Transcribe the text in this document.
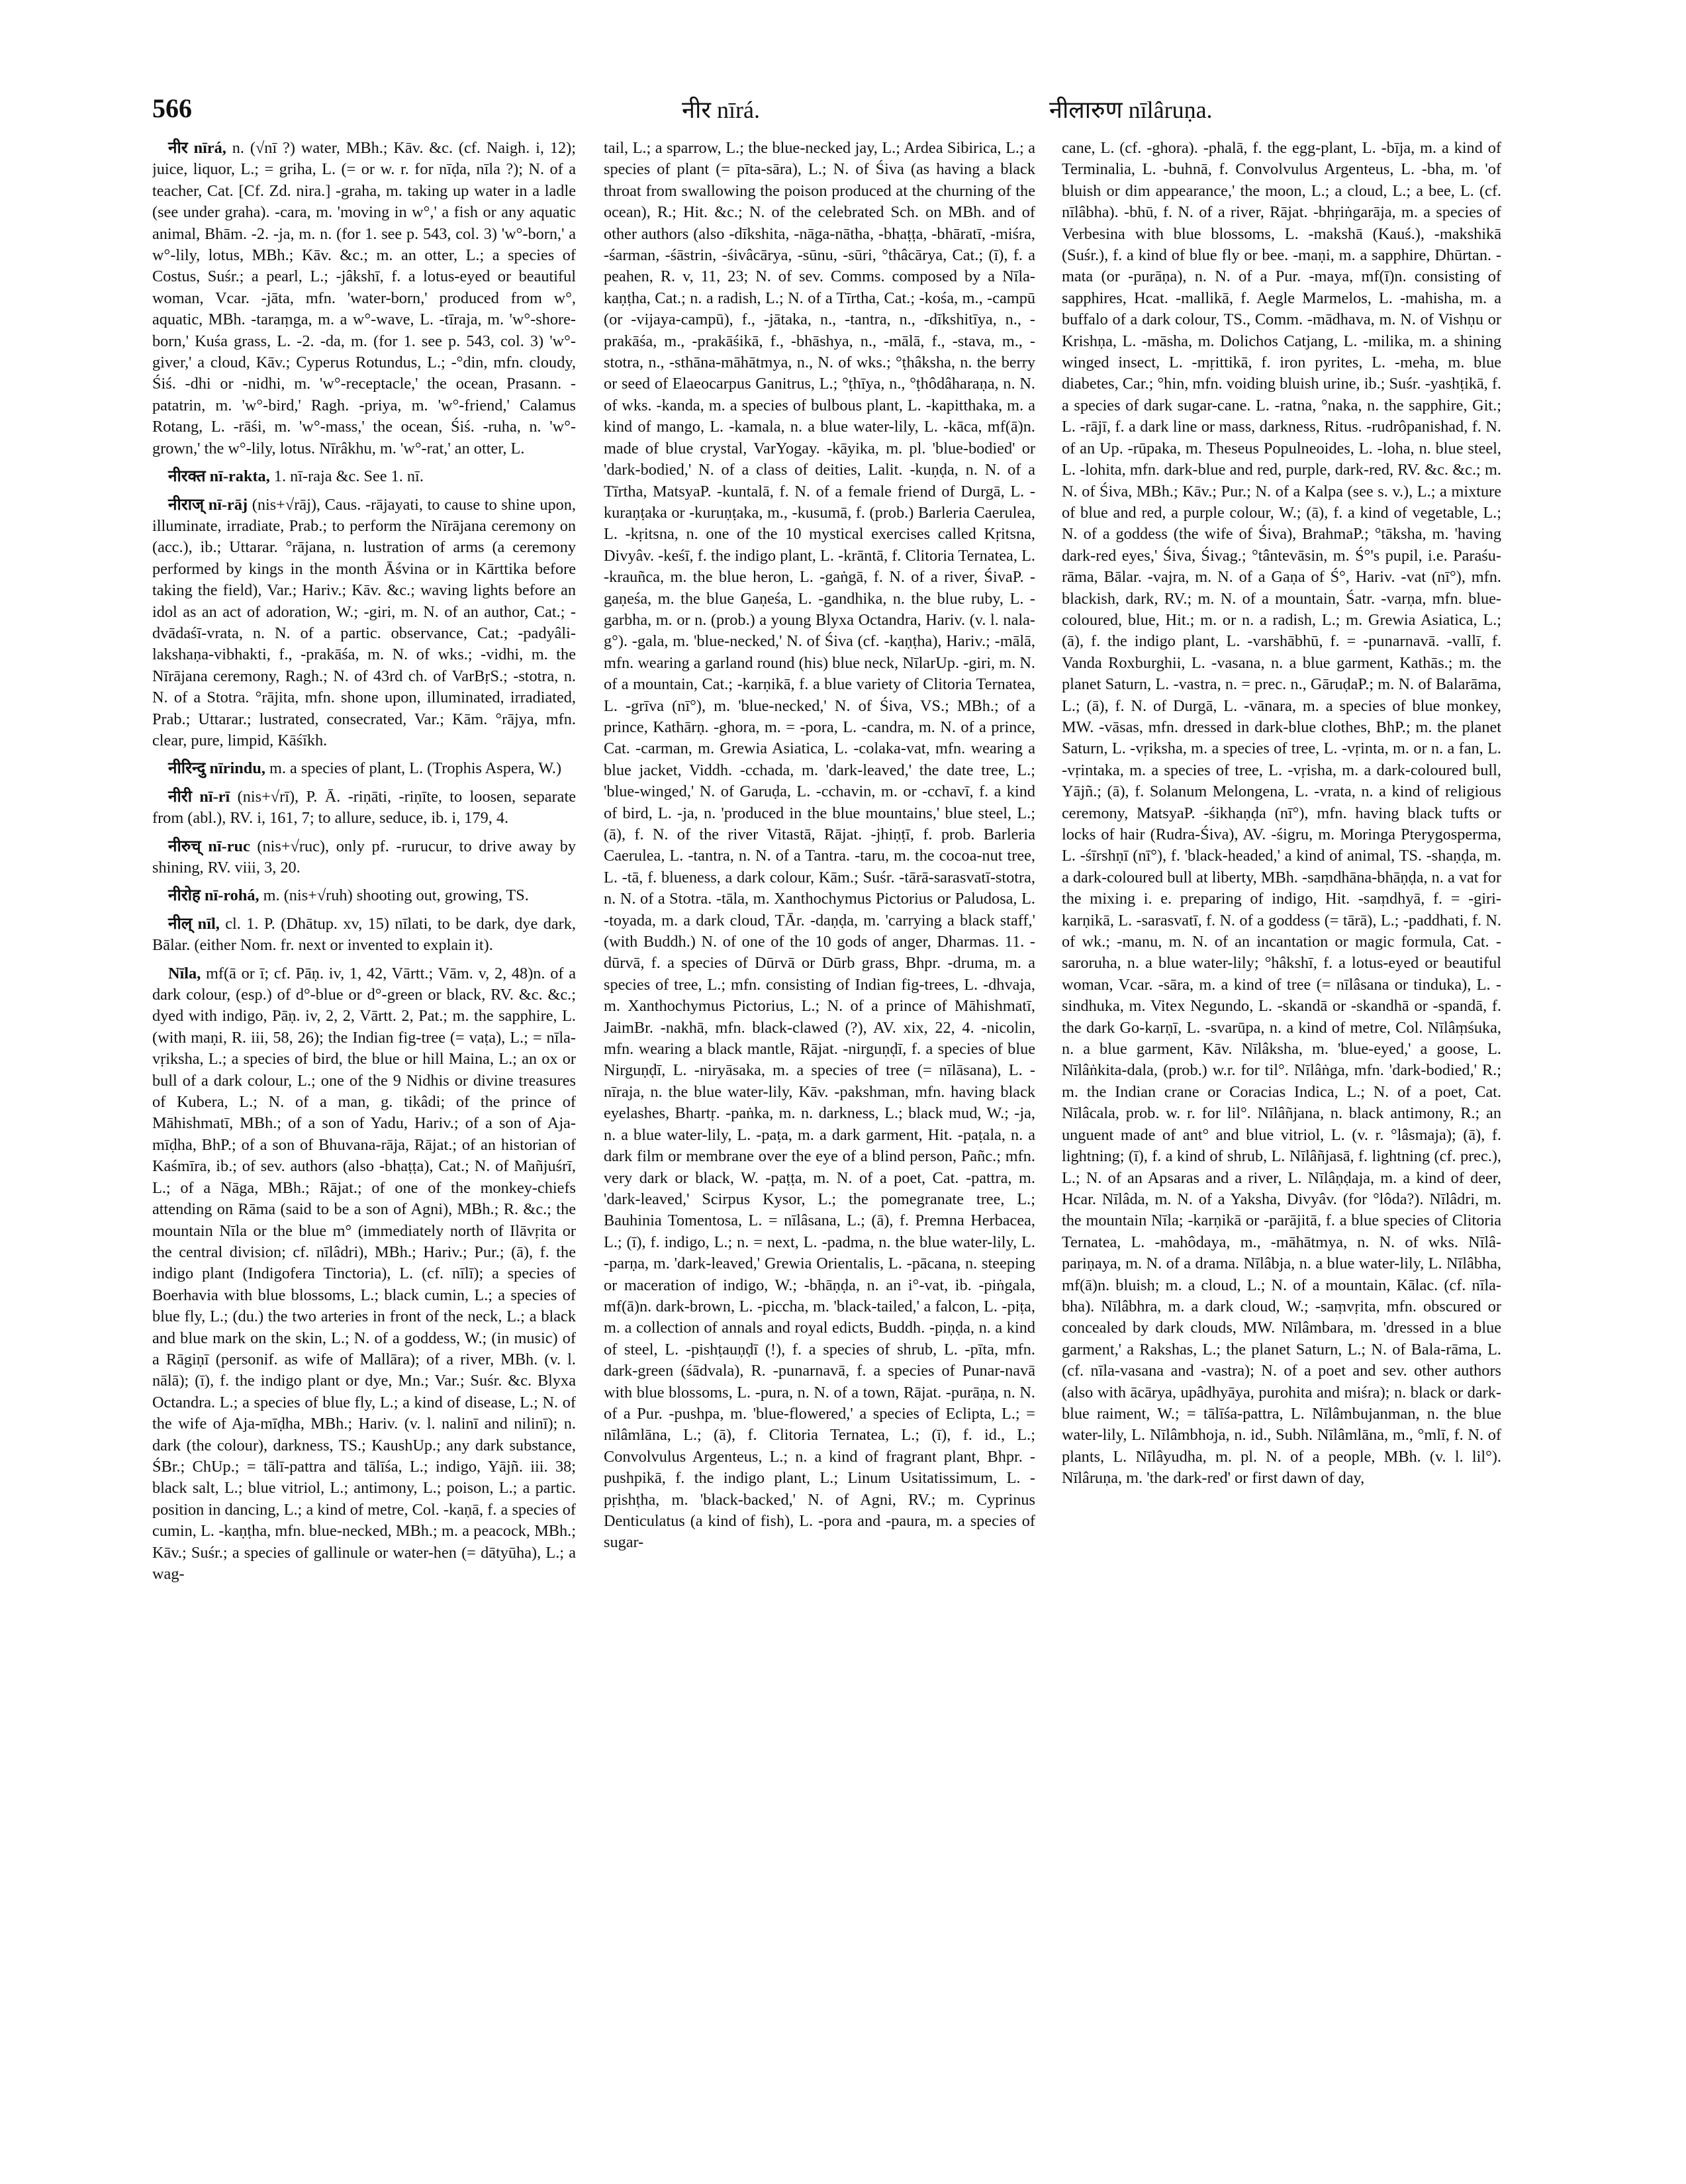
566	नीर nīrá.	नीलारुण nīlâruṇa.

नीर nīrá, n. (√nī ?) water, MBh.; Kāv. &c. (cf. Naigh. i, 12); juice, liquor, L.; = griha, L. (= or w. r. for nīḍa, nīla ?); N. of a teacher, Cat. [Cf. Zd. nira.] -graha, m. taking up water in a ladle (see under graha). -cara, m. 'moving in w°,' a fish or any aquatic animal, Bhām. -2. -ja, m. n. (for 1. see p. 543, col. 3) 'w°-born,' a w°-lily, lotus, MBh.; Kāv. &c.; m. an otter, L.; a species of Costus, Suśr.; a pearl, L.; -jâkshī, f. a lotus-eyed or beautiful woman, Vcar. -jāta, mfn. 'water-born,' produced from w°, aquatic, MBh. -taraṃga, m. a w°-wave, L. -tīraja, m. 'w°-shore-born,' Kuśa grass, L. -2. -da, m. (for 1. see p. 543, col. 3) 'w°-giver,' a cloud, Kāv.; Cyperus Rotundus, L.; -°din, mfn. cloudy, Śiś. -dhi or -nidhi, m. 'w°-receptacle,' the ocean, Prasann. -patatrin, m. 'w°-bird,' Ragh. -priya, m. 'w°-friend,' Calamus Rotang, L. -rāśi, m. 'w°-mass,' the ocean, Śiś. -ruha, n. 'w°-grown,' the w°-lily, lotus. Nīrâkhu, m. 'w°-rat,' an otter, L.

नीरक्त nī-rakta, 1. nī-raja &c. See 1. nī.

नीराज् nī-rāj (nis+√rāj), Caus. -rājayati, to cause to shine upon, illuminate, irradiate, Prab.; to perform the Nīrājana ceremony on (acc.), ib.; Uttarar. °rājana, n. lustration of arms (a ceremony performed by kings in the month Āśvina or in Kārttika before taking the field), Var.; Hariv.; Kāv. &c.; waving lights before an idol as an act of adoration, W.; -giri, m. N. of an author, Cat.; -dvādaśī-vrata, n. N. of a partic. observance, Cat.; -padyâli-lakshaṇa-vibhakti, f., -prakāśa, m. N. of wks.; -vidhi, m. the Nīrājana ceremony, Ragh.; N. of 43rd ch. of VarBṛS.; -stotra, n. N. of a Stotra. °rājita, mfn. shone upon, illuminated, irradiated, Prab.; Uttarar.; lustrated, consecrated, Var.; Kām. °rājya, mfn. clear, pure, limpid, Kāśīkh.

नीरिन्दु nīrindu, m. a species of plant, L. (Trophis Aspera, W.)

नीरी nī-rī (nis+√rī), P. Ā. -riṇāti, -riṇīte, to loosen, separate from (abl.), RV. i, 161, 7; to allure, seduce, ib. i, 179, 4.

नीरुच् nī-ruc (nis+√ruc), only pf. -rurucur, to drive away by shining, RV. viii, 3, 20.

नीरोह nī-rohá, m. (nis+√ruh) shooting out, growing, TS.

नील् nīl, cl. 1. P. (Dhātup. xv, 15) nīlati, to be dark, dye dark, Bālar. (either Nom. fr. next or invented to explain it).

Nīla, mf(ā or ī; cf. Pāṇ. iv, 1, 42, Vārtt.; Vām. v, 2, 48)n. of a dark colour, (esp.) of d°-blue or d°-green or black, RV. &c. &c.; dyed with indigo, Pāṇ. iv, 2, 2, Vārtt. 2, Pat.; m. the sapphire, L. (with maṇi, R. iii, 58, 26); the Indian fig-tree (= vaṭa), L.; = nīla-vṛiksha, L.; a species of bird, the blue or hill Maina, L.; an ox or bull of a dark colour, L.; one of the 9 Nidhis or divine treasures of Kubera, L.; N. of a man, g. tikâdi; of the prince of Māhishmatī, MBh.; of a son of Yadu, Hariv.; of a son of Aja-mīḍha, BhP.; of a son of Bhuvana-rāja, Rājat.; of an historian of Kaśmīra, ib.; of sev. authors (also -bhaṭṭa), Cat.; N. of Mañjuśrī, L.; of a Nāga, MBh.; Rājat.; of one of the monkey-chiefs attending on Rāma (said to be a son of Agni), MBh.; R. &c.; the mountain Nīla or the blue m° (immediately north of Ilāvṛita or the central division; cf. nīlâdri), MBh.; Hariv.; Pur.; (ā), f. the indigo plant (Indigofera Tinctoria), L. (cf. nīlī); a species of Boerhavia with blue blossoms, L.; black cumin, L.; a species of blue fly, L.; (du.) the two arteries in front of the neck, L.; a black and blue mark on the skin, L.; N. of a goddess, W.; (in music) of a Rāgiṇī (personif. as wife of Mallāra); of a river, MBh. (v. l. nālā); (ī), f. the indigo plant or dye, Mn.; Var.; Suśr. &c. Blyxa Octandra. L.; a species of blue fly, L.; a kind of disease, L.; N. of the wife of Aja-mīḍha, MBh.; Hariv. (v. l. nalinī and nilinī); n. dark (the colour), darkness, TS.; KaushUp.; any dark substance, ŚBr.; ChUp.; = tālī-pattra and tālīśa, L.; indigo, Yājñ. iii. 38; black salt, L.; blue vitriol, L.; antimony, L.; poison, L.; a partic. position in dancing, L.; a kind of metre, Col. -kaṇā, f. a species of cumin, L. -kaṇṭha, mfn. blue-necked, MBh.; m. a peacock, MBh.; Kāv.; Suśr.; a species of gallinule or water-hen (= dātyūha), L.; a wag-

tail, L.; a sparrow, L.; the blue-necked jay, L.; Ardea Sibirica, L.; a species of plant (= pīta-sāra), L.; N. of Śiva (as having a black throat from swallowing the poison produced at the churning of the ocean), R.; Hit. &c.; N. of the celebrated Sch. on MBh. and of other authors (also -dīkshita, -nāga-nātha, -bhaṭṭa, -bhāratī, -miśra, -śarman, -śāstrin, -śivâcārya, -sūnu, -sūri, °thâcārya, Cat.; (ī), f. a peahen, R. v, 11, 23; N. of sev. Comms. composed by a Nīla-kaṇṭha, Cat.; n. a radish, L.; N. of a Tīrtha, Cat.; -kośa, m., -campū (or -vijaya-campū), f., -jātaka, n., -tantra, n., -dīkshitīya, n., -prakāśa, m., -prakāśikā, f., -bhāshya, n., -mālā, f., -stava, m., -stotra, n., -sthāna-māhātmya, n., N. of wks.; °ṭhâksha, n. the berry or seed of Elaeocarpus Ganitrus, L.; °ṭhīya, n., °ṭhôdâharaṇa, n. N. of wks. -kanda, m. a species of bulbous plant, L. -kapitthaka, m. a kind of mango, L. -kamala, n. a blue water-lily, L. -kāca, mf(ā)n. made of blue crystal, VarYogay. -kāyika, m. pl. 'blue-bodied' or 'dark-bodied,' N. of a class of deities, Lalit. -kuṇḍa, n. N. of a Tīrtha, MatsyaP. -kuntalā, f. N. of a female friend of Durgā, L. -kuraṇṭaka or -kuruṇṭaka, m., -kusumā, f. (prob.) Barleria Caerulea, L. -kṛitsna, n. one of the 10 mystical exercises called Kṛitsna, Divyâv. -keśī, f. the indigo plant, L. -krāntā, f. Clitoria Ternatea, L. -krauñca, m. the blue heron, L. -gaṅgā, f. N. of a river, ŚivaP. -gaṇeśa, m. the blue Gaṇeśa, L. -gandhika, n. the blue ruby, L. -garbha, m. or n. (prob.) a young Blyxa Octandra, Hariv. (v. l. nala-g°). -gala, m. 'blue-necked,' N. of Śiva (cf. -kaṇṭha), Hariv.; -mālā, mfn. wearing a garland round (his) blue neck, NīlarUp. -giri, m. N. of a mountain, Cat.; -karṇikā, f. a blue variety of Clitoria Ternatea, L. -grīva (nī°), m. 'blue-necked,' N. of Śiva, VS.; MBh.; of a prince, Kathārṇ. -ghora, m. = -pora, L. -candra, m. N. of a prince, Cat. -carman, m. Grewia Asiatica, L. -colaka-vat, mfn. wearing a blue jacket, Viddh. -cchada, m. 'dark-leaved,' the date tree, L.; 'blue-winged,' N. of Garuḍa, L. -cchavin, m. or -cchavī, f. a kind of bird, L. -ja, n. 'produced in the blue mountains,' blue steel, L.; (ā), f. N. of the river Vitastā, Rājat. -jhiṇṭī, f. prob. Barleria Caerulea, L. -tantra, n. N. of a Tantra. -taru, m. the cocoa-nut tree, L. -tā, f. blueness, a dark colour, Kām.; Suśr. -tārā-sarasvatī-stotra, n. N. of a Stotra. -tāla, m. Xanthochymus Pictorius or Paludosa, L. -toyada, m. a dark cloud, TĀr. -daṇḍa, m. 'carrying a black staff,' (with Buddh.) N. of one of the 10 gods of anger, Dharmas. 11. -dūrvā, f. a species of Dūrvā or Dūrb grass, Bhpr. -druma, m. a species of tree, L.; mfn. consisting of Indian fig-trees, L. -dhvaja, m. Xanthochymus Pictorius, L.; N. of a prince of Māhishmatī, JaimBr. -nakhā, mfn. black-clawed (?), AV. xix, 22, 4. -nicolin, mfn. wearing a black mantle, Rājat. -nirguṇḍī, f. a species of blue Nirguṇḍī, L. -niryāsaka, m. a species of tree (= nīlāsana), L. -nīraja, n. the blue water-lily, Kāv. -pakshman, mfn. having black eyelashes, Bhartṛ. -paṅka, m. n. darkness, L.; black mud, W.; -ja, n. a blue water-lily, L. -paṭa, m. a dark garment, Hit. -paṭala, n. a dark film or membrane over the eye of a blind person, Pañc.; mfn. very dark or black, W. -paṭṭa, m. N. of a poet, Cat. -pattra, m. 'dark-leaved,' Scirpus Kysor, L.; the pomegranate tree, L.; Bauhinia Tomentosa, L. = nīlâsana, L.; (ā), f. Premna Herbacea, L.; (ī), f. indigo, L.; n. = next, L. -padma, n. the blue water-lily, L. -parṇa, m. 'dark-leaved,' Grewia Orientalis, L. -pācana, n. steeping or maceration of indigo, W.; -bhāṇḍa, n. an i°-vat, ib. -piṅgala, mf(ā)n. dark-brown, L. -piccha, m. 'black-tailed,' a falcon, L. -piṭa, m. a collection of annals and royal edicts, Buddh. -piṇḍa, n. a kind of steel, L. -pishṭauṇḍī (!), f. a species of shrub, L. -pīta, mfn. dark-green (śādvala), R. -punarnavā, f. a species of Punar-navā with blue blossoms, L. -pura, n. N. of a town, Rājat. -purāṇa, n. N. of a Pur. -pushpa, m. 'blue-flowered,' a species of Eclipta, L.; = nīlâmlāna, L.; (ā), f. Clitoria Ternatea, L.; (ī), f. id., L.; Convolvulus Argenteus, L.; n. a kind of fragrant plant, Bhpr. -pushpikā, f. the indigo plant, L.; Linum Usitatissimum, L. -pṛishṭha, m. 'black-backed,' N. of Agni, RV.; m. Cyprinus Denticulatus (a kind of fish), L. -pora and -paura, m. a species of sugar-

cane, L. (cf. -ghora). -phalā, f. the egg-plant, L. -bīja, m. a kind of Terminalia, L. -buhnā, f. Convolvulus Argenteus, L. -bha, m. 'of bluish or dim appearance,' the moon, L.; a cloud, L.; a bee, L. (cf. nīlâbha). -bhū, f. N. of a river, Rājat. -bhṛiṅgarāja, m. a species of Verbesina with blue blossoms, L. -makshā (Kauś.), -makshikā (Suśr.), f. a kind of blue fly or bee. -maṇi, m. a sapphire, Dhūrtan. -mata (or -purāṇa), n. N. of a Pur. -maya, mf(ī)n. consisting of sapphires, Hcat. -mallikā, f. Aegle Marmelos, L. -mahisha, m. a buffalo of a dark colour, TS., Comm. -mādhava, m. N. of Vishṇu or Krishṇa, L. -māsha, m. Dolichos Catjang, L. -milika, m. a shining winged insect, L. -mṛittikā, f. iron pyrites, L. -meha, m. blue diabetes, Car.; °hin, mfn. voiding bluish urine, ib.; Suśr. -yashṭikā, f. a species of dark sugar-cane. L. -ratna, °naka, n. the sapphire, Git.; L. -rājī, f. a dark line or mass, darkness, Ritus. -rudrôpanishad, f. N. of an Up. -rūpaka, m. Theseus Populneoides, L. -loha, n. blue steel, L. -lohita, mfn. dark-blue and red, purple, dark-red, RV. &c. &c.; m. N. of Śiva, MBh.; Kāv.; Pur.; N. of a Kalpa (see s. v.), L.; a mixture of blue and red, a purple colour, W.; (ā), f. a kind of vegetable, L.; N. of a goddess (the wife of Śiva), BrahmaP.; °tāksha, m. 'having dark-red eyes,' Śiva, Śivag.; °tântevāsin, m. Ś°'s pupil, i.e. Paraśu-rāma, Bālar. -vajra, m. N. of a Gaṇa of Ś°, Hariv. -vat (nī°), mfn. blackish, dark, RV.; m. N. of a mountain, Śatr. -varṇa, mfn. blue-coloured, blue, Hit.; m. or n. a radish, L.; m. Grewia Asiatica, L.; (ā), f. the indigo plant, L. -varshābhū, f. = -punarnavā. -vallī, f. Vanda Roxburghii, L. -vasana, n. a blue garment, Kathās.; m. the planet Saturn, L. -vastra, n. = prec. n., GāruḍaP.; m. N. of Balarāma, L.; (ā), f. N. of Durgā, L. -vānara, m. a species of blue monkey, MW. -vāsas, mfn. dressed in dark-blue clothes, BhP.; m. the planet Saturn, L. -vṛiksha, m. a species of tree, L. -vṛinta, m. or n. a fan, L. -vṛintaka, m. a species of tree, L. -vṛisha, m. a dark-coloured bull, Yājñ.; (ā), f. Solanum Melongena, L. -vrata, n. a kind of religious ceremony, MatsyaP. -śikhaṇḍa (nī°), mfn. having black tufts or locks of hair (Rudra-Śiva), AV. -śigru, m. Moringa Pterygosperma, L. -śīrshṇī (nī°), f. 'black-headed,' a kind of animal, TS. -shaṇḍa, m. a dark-coloured bull at liberty, MBh. -saṃdhāna-bhāṇḍa, n. a vat for the mixing i. e. preparing of indigo, Hit. -saṃdhyā, f. = -giri-karṇikā, L. -sarasvatī, f. N. of a goddess (= tārā), L.; -paddhati, f. N. of wk.; -manu, m. N. of an incantation or magic formula, Cat. -saroruha, n. a blue water-lily; °hâkshī, f. a lotus-eyed or beautiful woman, Vcar. -sāra, m. a kind of tree (= nīlâsana or tinduka), L. -sindhuka, m. Vitex Negundo, L. -skandā or -skandhā or -spandā, f. the dark Go-karṇī, L. -svarūpa, n. a kind of metre, Col. Nīlâṃśuka, n. a blue garment, Kāv. Nīlâksha, m. 'blue-eyed,' a goose, L. Nīlâṅkita-dala, (prob.) w.r. for til°. Nīlâṅga, mfn. 'dark-bodied,' R.; m. the Indian crane or Coracias Indica, L.; N. of a poet, Cat. Nīlâcala, prob. w. r. for lil°. Nīlâñjana, n. black antimony, R.; an unguent made of ant° and blue vitriol, L. (v. r. °lâsmaja); (ā), f. lightning; (ī), f. a kind of shrub, L. Nīlâñjasā, f. lightning (cf. prec.), L.; N. of an Apsaras and a river, L. Nīlâṇḍaja, m. a kind of deer, Hcar. Nīlâda, m. N. of a Yaksha, Divyâv. (for °lôda?). Nīlâdri, m. the mountain Nīla; -karṇikā or -parājitā, f. a blue species of Clitoria Ternatea, L. -mahôdaya, m., -māhātmya, n. N. of wks. Nīlâ-pariṇaya, m. N. of a drama. Nīlâbja, n. a blue water-lily, L. Nīlâbha, mf(ā)n. bluish; m. a cloud, L.; N. of a mountain, Kālac. (cf. nīla-bha). Nīlâbhra, m. a dark cloud, W.; -saṃvṛita, mfn. obscured or concealed by dark clouds, MW. Nīlâmbara, m. 'dressed in a blue garment,' a Rakshas, L.; the planet Saturn, L.; N. of Bala-rāma, L. (cf. nīla-vasana and -vastra); N. of a poet and sev. other authors (also with ācārya, upâdhyāya, purohita and miśra); n. black or dark-blue raiment, W.; = tālīśa-pattra, L. Nīlâmbujanman, n. the blue water-lily, L. Nīlâmbhoja, n. id., Subh. Nīlâmlāna, m., °mlī, f. N. of plants, L. Nīlâyudha, m. pl. N. of a people, MBh. (v. l. lil°). Nīlâruṇa, m. 'the dark-red' or first dawn of day,
